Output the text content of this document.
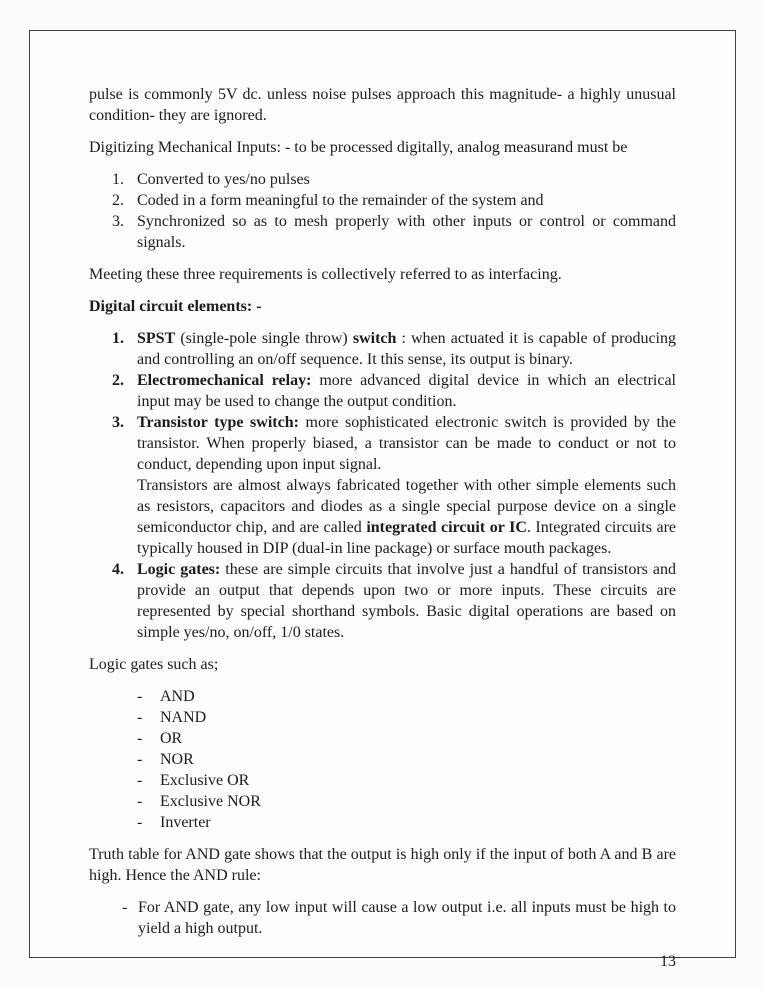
pulse is commonly 5V dc. unless noise pulses approach this magnitude- a highly unusual condition- they are ignored.
Digitizing Mechanical Inputs: - to be processed digitally, analog measurand must be
1. Converted to yes/no pulses
2. Coded in a form meaningful to the remainder of the system and
3. Synchronized so as to mesh properly with other inputs or control or command signals.
Meeting these three requirements is collectively referred to as interfacing.
Digital circuit elements: -
1. SPST (single-pole single throw) switch : when actuated it is capable of producing and controlling an on/off sequence. It this sense, its output is binary.
2. Electromechanical relay: more advanced digital device in which an electrical input may be used to change the output condition.
3. Transistor type switch: more sophisticated electronic switch is provided by the transistor. When properly biased, a transistor can be made to conduct or not to conduct, depending upon input signal.
Transistors are almost always fabricated together with other simple elements such as resistors, capacitors and diodes as a single special purpose device on a single semiconductor chip, and are called integrated circuit or IC. Integrated circuits are typically housed in DIP (dual-in line package) or surface mouth packages.
4. Logic gates: these are simple circuits that involve just a handful of transistors and provide an output that depends upon two or more inputs. These circuits are represented by special shorthand symbols. Basic digital operations are based on simple yes/no, on/off, 1/0 states.
Logic gates such as;
-	AND
-	NAND
-	OR
-	NOR
-	Exclusive OR
-	Exclusive NOR
-	Inverter
Truth table for AND gate shows that the output is high only if the input of both A and B are high. Hence the AND rule:
- For AND gate, any low input will cause a low output i.e. all inputs must be high to yield a high output.
13
